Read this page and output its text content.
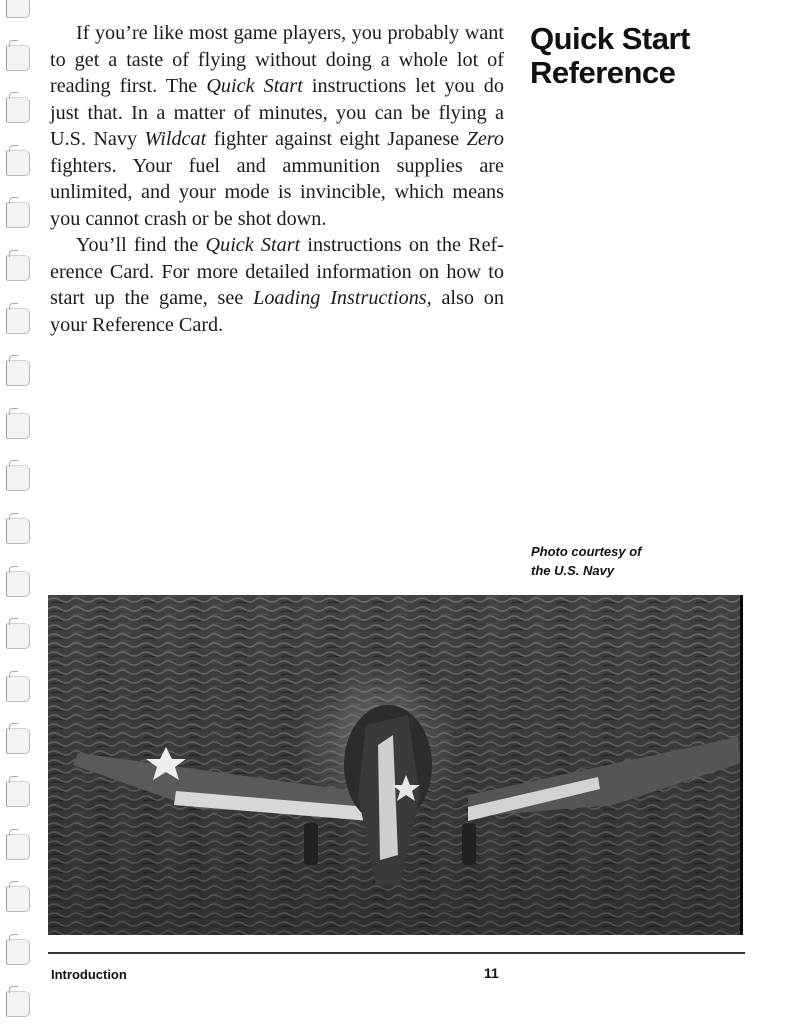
If you’re like most game players, you probably want to get a taste of flying without doing a whole lot of reading first. The Quick Start instructions let you do just that. In a matter of minutes, you can be flying a U.S. Navy Wildcat fighter against eight Japanese Zero fighters. Your fuel and ammunition supplies are unlimited, and your mode is invincible, which means you cannot crash or be shot down.

You’ll find the Quick Start instructions on the Ref-erence Card. For more detailed information on how to start up the game, see Loading Instructions, also on your Reference Card.

Quick Start
Reference
Photo courtesy of
the U.S. Navy
Introduction	11
